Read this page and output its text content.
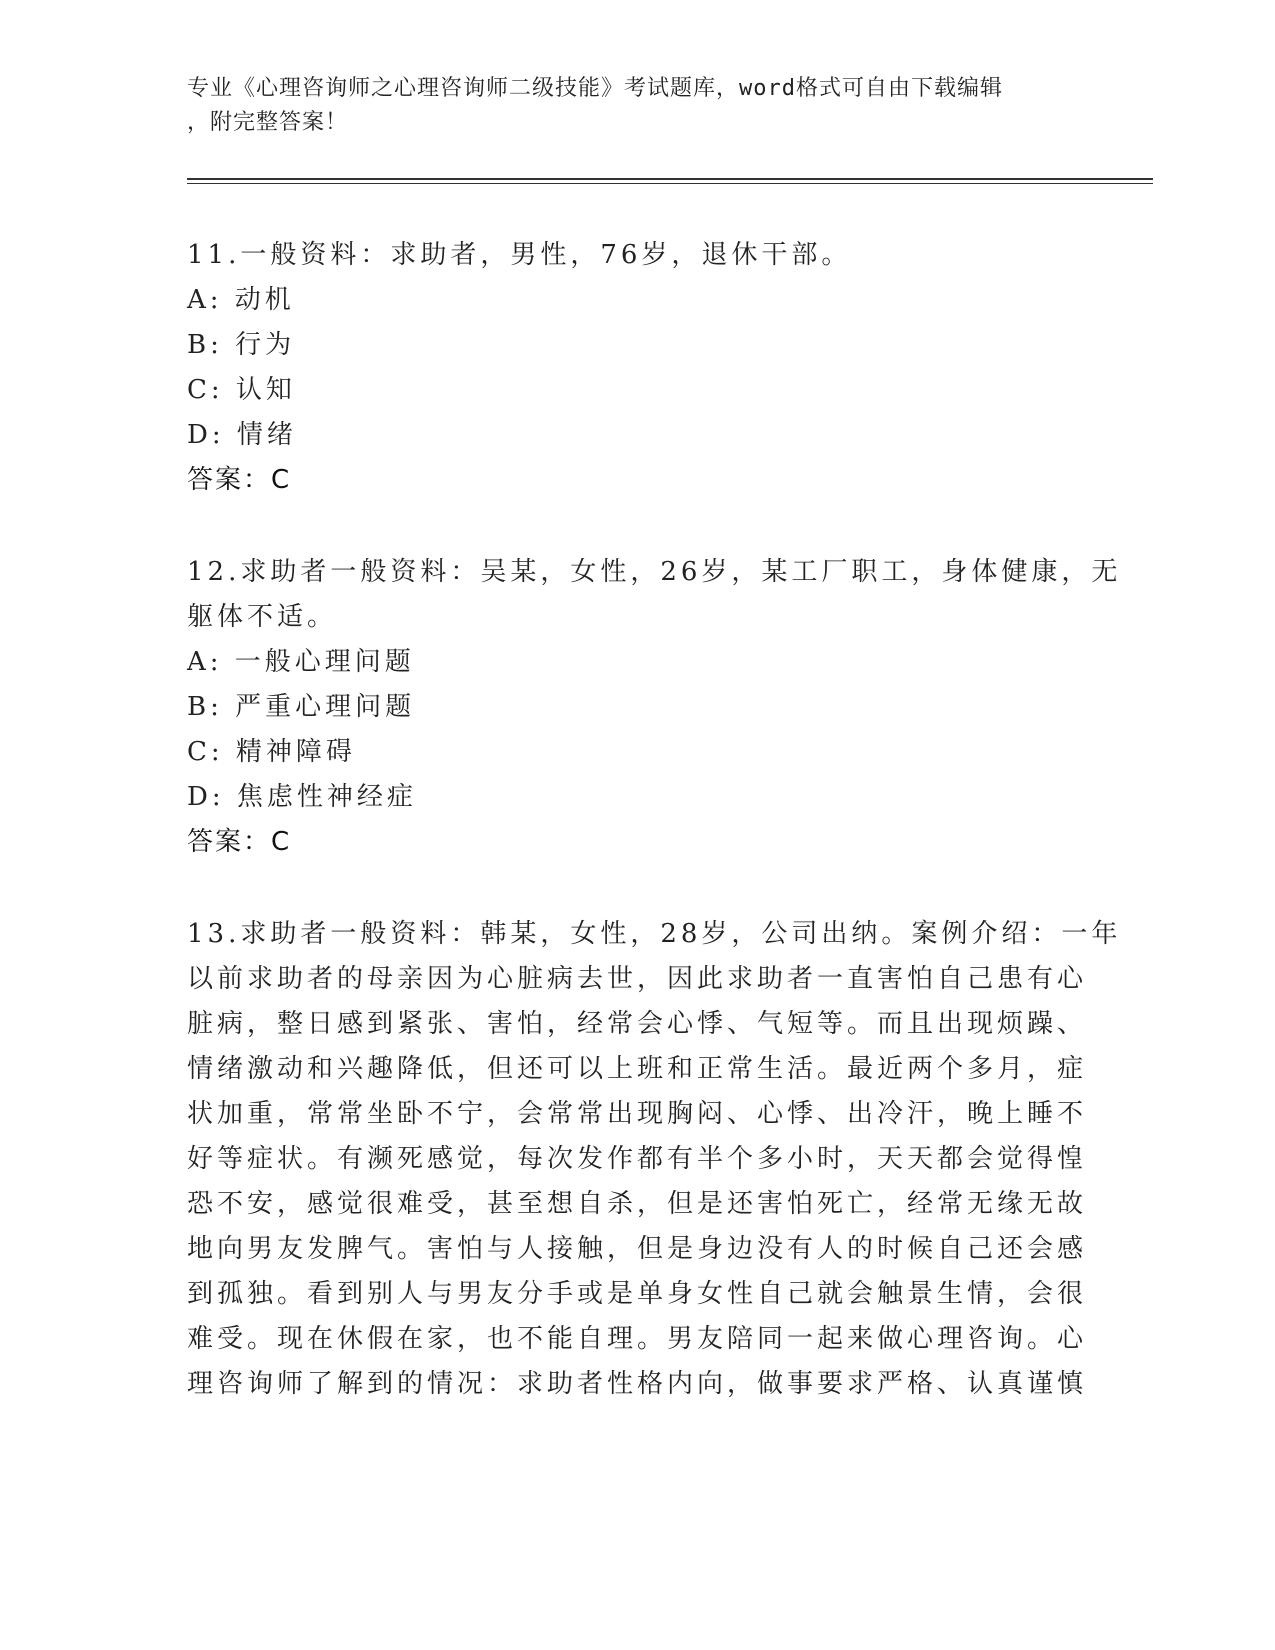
专业《心理咨询师之心理咨询师二级技能》考试题库，word格式可自由下载编辑
，附完整答案！
11.一般资料：求助者，男性，76岁，退休干部。
A: 动机
B: 行为
C: 认知
D: 情绪
答案：C
12.求助者一般资料：吴某，女性，26岁，某工厂职工，身体健康，无
躯体不适。
A: 一般心理问题
B: 严重心理问题
C: 精神障碍
D: 焦虑性神经症
答案：C
13.求助者一般资料：韩某，女性，28岁，公司出纳。案例介绍：一年
以前求助者的母亲因为心脏病去世，因此求助者一直害怕自己患有心
脏病，整日感到紧张、害怕，经常会心悸、气短等。而且出现烦躁、
情绪激动和兴趣降低，但还可以上班和正常生活。最近两个多月，症
状加重，常常坐卧不宁，会常常出现胸闷、心悸、出冷汗，晚上睡不
好等症状。有濒死感觉，每次发作都有半个多小时，天天都会觉得惶
恐不安，感觉很难受，甚至想自杀，但是还害怕死亡，经常无缘无故
地向男友发脾气。害怕与人接触，但是身边没有人的时候自己还会感
到孤独。看到别人与男友分手或是单身女性自己就会触景生情，会很
难受。现在休假在家，也不能自理。男友陪同一起来做心理咨询。心
理咨询师了解到的情况：求助者性格内向，做事要求严格、认真谨慎
